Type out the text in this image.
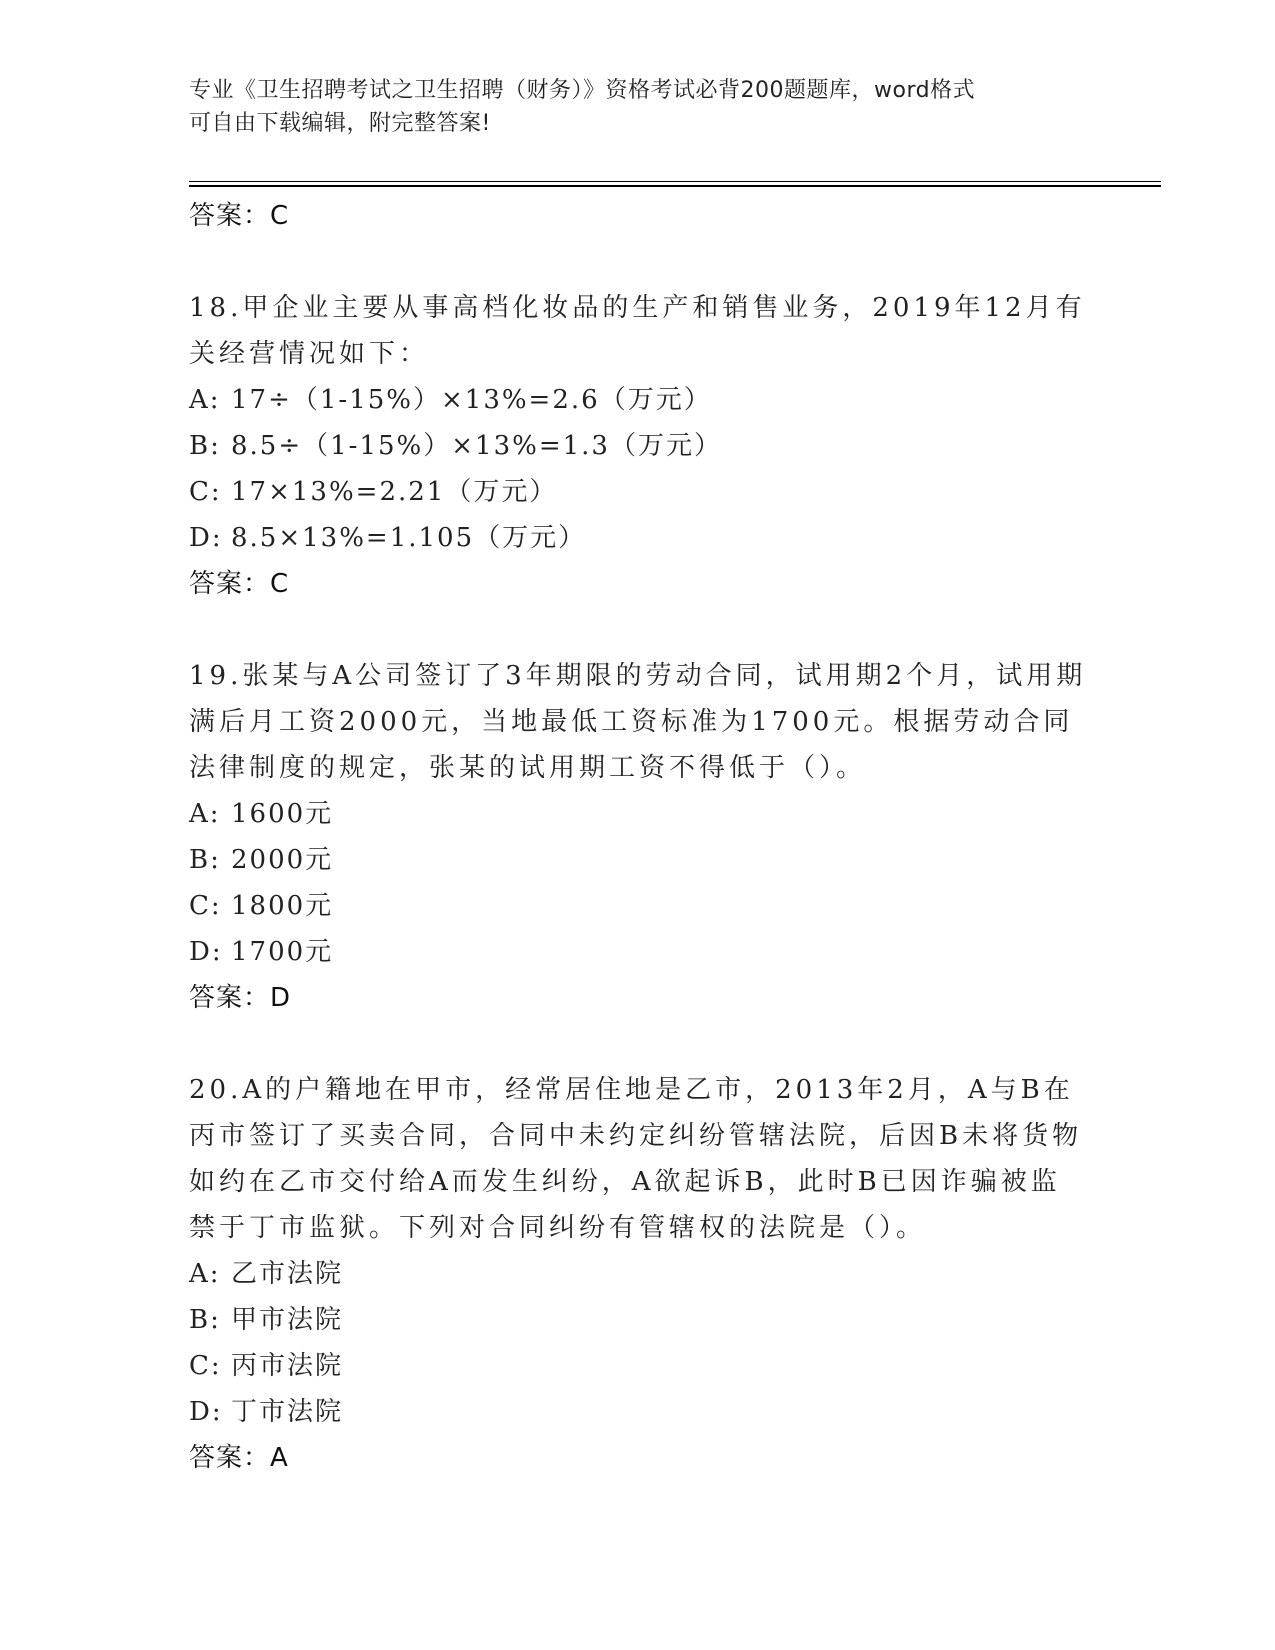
专业《卫生招聘考试之卫生招聘（财务）》资格考试必背200题题库，word格式
可自由下载编辑，附完整答案!
答案：C
18.甲企业主要从事高档化妆品的生产和销售业务，2019年12月有关经营情况如下：
A: 17÷（1-15%）×13%=2.6（万元）
B: 8.5÷（1-15%）×13%=1.3（万元）
C: 17×13%=2.21（万元）
D: 8.5×13%=1.105（万元）
答案：C
19.张某与A公司签订了3年期限的劳动合同，试用期2个月，试用期满后月工资2000元，当地最低工资标准为1700元。根据劳动合同法律制度的规定，张某的试用期工资不得低于（）。
A: 1600元
B: 2000元
C: 1800元
D: 1700元
答案：D
20.A的户籍地在甲市，经常居住地是乙市，2013年2月，A与B在丙市签订了买卖合同，合同中未约定纠纷管辖法院，后因B未将货物如约在乙市交付给A而发生纠纷，A欲起诉B，此时B已因诈骗被监禁于丁市监狱。下列对合同纠纷有管辖权的法院是（）。
A: 乙市法院
B: 甲市法院
C: 丙市法院
D: 丁市法院
答案：A
